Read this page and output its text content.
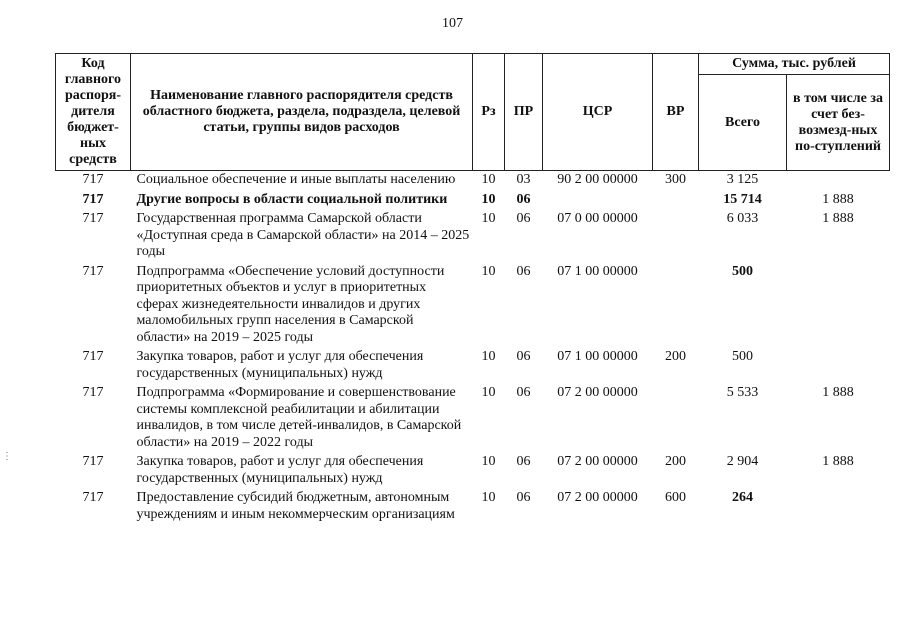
107
Код главного распоря-дителя бюджет-ных средств	Наименование главного распорядителя средств областного бюджета, раздела, подраздела, целевой статьи, группы видов расходов	Рз	ПР	ЦСР	ВР	Сумма, тыс. рублей	
						Всего	в том числе за счет без-возмезд-ных по-ступлений
717	Социальное обеспечение и иные выплаты населению	10	03	90 2 00 00000	300	3 125	
717	Другие вопросы в области социальной политики	10	06			15 714	1 888
717	Государственная программа Самарской области «Доступная среда в Самарской области» на 2014 – 2025 годы	10	06	07 0 00 00000		6 033	1 888
717	Подпрограмма «Обеспечение условий доступности приоритетных объектов и услуг в приоритетных сферах жизнедеятельности инвалидов и других маломобильных групп населения в Самарской области» на 2019 – 2025 годы	10	06	07 1 00 00000		500	
717	Закупка товаров, работ и услуг для обеспечения государственных (муниципальных) нужд	10	06	07 1 00 00000	200	500	
717	Подпрограмма «Формирование и совершенствование системы комплексной реабилитации и абилитации инвалидов, в том числе детей-инвалидов, в Самарской области» на 2019 – 2022 годы	10	06	07 2 00 00000		5 533	1 888
717	Закупка товаров, работ и услуг для обеспечения государственных (муниципальных) нужд	10	06	07 2 00 00000	200	2 904	1 888
717	Предоставление субсидий бюджетным, автономным учреждениям и иным некоммерческим организациям	10	06	07 2 00 00000	600	264	
⋮
